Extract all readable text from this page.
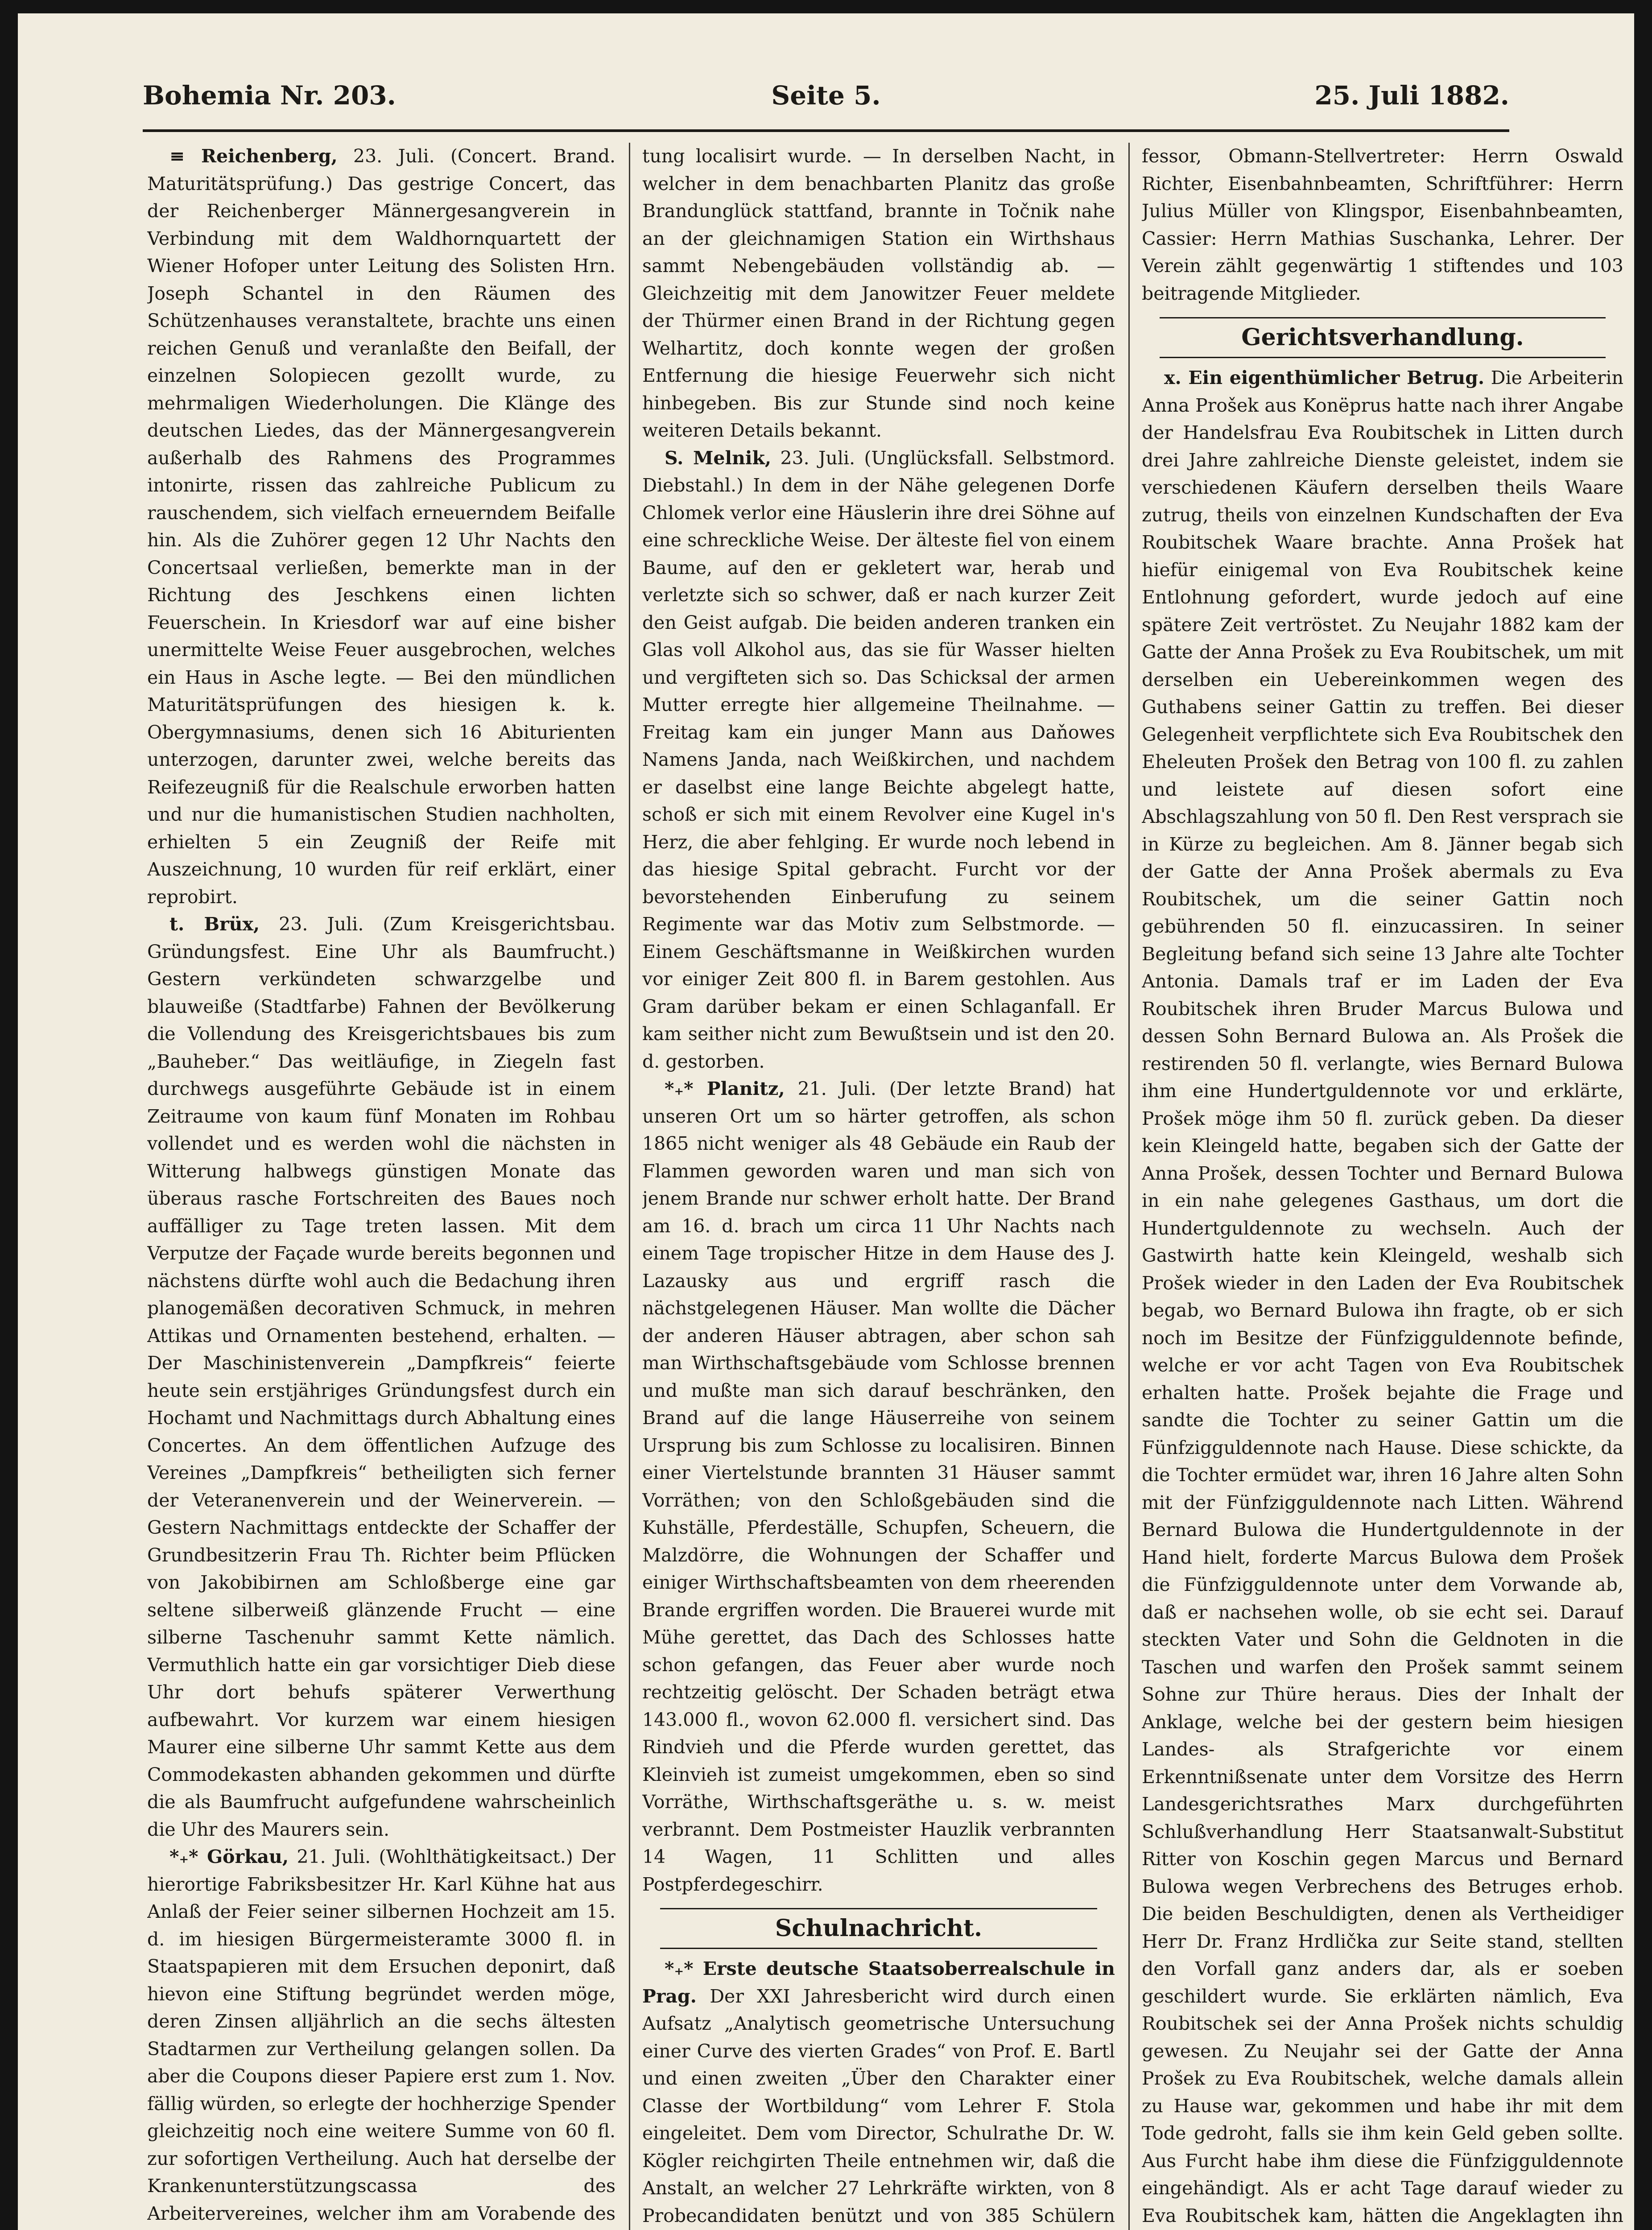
Bohemia Nr. 203.	Seite 5.	25. Juli 1882.

≡ Reichenberg, 23. Juli. (Concert. Brand. Maturitätsprüfung.) Das gestrige Concert, das der Reichenberger Männergesangverein in Verbindung mit dem Waldhornquartett der Wiener Hofoper unter Leitung des Solisten Hrn. Joseph Schantel in den Räumen des Schützenhauses veranstaltete, brachte uns einen reichen Genuß und veranlaßte den Beifall, der einzelnen Solopiecen gezollt wurde, zu mehrmaligen Wiederholungen. Die Klänge des deutschen Liedes, das der Männergesangverein außerhalb des Rahmens des Programmes intonirte, rissen das zahlreiche Publicum zu rauschendem, sich vielfach erneuerndem Beifalle hin. Als die Zuhörer gegen 12 Uhr Nachts den Concertsaal verließen, bemerkte man in der Richtung des Jeschkens einen lichten Feuerschein. In Kriesdorf war auf eine bisher unermittelte Weise Feuer ausgebrochen, welches ein Haus in Asche legte. — Bei den mündlichen Maturitätsprüfungen des hiesigen k. k. Obergymnasiums, denen sich 16 Abiturienten unterzogen, darunter zwei, welche bereits das Reifezeugniß für die Realschule erworben hatten und nur die humanistischen Studien nachholten, erhielten 5 ein Zeugniß der Reife mit Auszeichnung, 10 wurden für reif erklärt, einer reprobirt.

t. Brüx, 23. Juli. (Zum Kreisgerichtsbau. Gründungsfest. Eine Uhr als Baumfrucht.) Gestern verkündeten schwarzgelbe und blauweiße (Stadtfarbe) Fahnen der Bevölkerung die Vollendung des Kreisgerichtsbaues bis zum „Bauheber.“ Das weitläufige, in Ziegeln fast durchwegs ausgeführte Gebäude ist in einem Zeitraume von kaum fünf Monaten im Rohbau vollendet und es werden wohl die nächsten in Witterung halbwegs günstigen Monate das überaus rasche Fortschreiten des Baues noch auffälliger zu Tage treten lassen. Mit dem Verputze der Façade wurde bereits begonnen und nächstens dürfte wohl auch die Bedachung ihren planogemäßen decorativen Schmuck, in mehren Attikas und Ornamenten bestehend, erhalten. — Der Maschinistenverein „Dampfkreis“ feierte heute sein erstjähriges Gründungsfest durch ein Hochamt und Nachmittags durch Abhaltung eines Concertes. An dem öffentlichen Aufzuge des Vereines „Dampfkreis“ betheiligten sich ferner der Veteranenverein und der Weinerverein. — Gestern Nachmittags entdeckte der Schaffer der Grundbesitzerin Frau Th. Richter beim Pflücken von Jakobibirnen am Schloßberge eine gar seltene silberweiß glänzende Frucht — eine silberne Taschenuhr sammt Kette nämlich. Vermuthlich hatte ein gar vorsichtiger Dieb diese Uhr dort behufs späterer Verwerthung aufbewahrt. Vor kurzem war einem hiesigen Maurer eine silberne Uhr sammt Kette aus dem Commodekasten abhanden gekommen und dürfte die als Baumfrucht aufgefundene wahrscheinlich die Uhr des Maurers sein.

*₊* Görkau, 21. Juli. (Wohlthätigkeitsact.) Der hierortige Fabriksbesitzer Hr. Karl Kühne hat aus Anlaß der Feier seiner silbernen Hochzeit am 15. d. im hiesigen Bürgermeisteramte 3000 fl. in Staatspapieren mit dem Ersuchen deponirt, daß hievon eine Stiftung begründet werden möge, deren Zinsen alljährlich an die sechs ältesten Stadtarmen zur Vertheilung gelangen sollen. Da aber die Coupons dieser Papiere erst zum 1. Nov. fällig würden, so erlegte der hochherzige Spender gleichzeitig noch eine weitere Summe von 60 fl. zur sofortigen Vertheilung. Auch hat derselbe der Krankenunterstützungscassa des Arbeitervereines, welcher ihm am Vorabende des

tung localisirt wurde. — In derselben Nacht, in welcher in dem benachbarten Planitz das große Brandunglück stattfand, brannte in Točnik nahe an der gleichnamigen Station ein Wirthshaus sammt Nebengebäuden vollständig ab. — Gleichzeitig mit dem Janowitzer Feuer meldete der Thürmer einen Brand in der Richtung gegen Welhartitz, doch konnte wegen der großen Entfernung die hiesige Feuerwehr sich nicht hinbegeben. Bis zur Stunde sind noch keine weiteren Details bekannt.

S. Melnik, 23. Juli. (Unglücksfall. Selbstmord. Diebstahl.) In dem in der Nähe gelegenen Dorfe Chlomek verlor eine Häuslerin ihre drei Söhne auf eine schreckliche Weise. Der älteste fiel von einem Baume, auf den er gekletert war, herab und verletzte sich so schwer, daß er nach kurzer Zeit den Geist aufgab. Die beiden anderen tranken ein Glas voll Alkohol aus, das sie für Wasser hielten und vergifteten sich so. Das Schicksal der armen Mutter erregte hier allgemeine Theilnahme. — Freitag kam ein junger Mann aus Daňowes Namens Janda, nach Weißkirchen, und nachdem er daselbst eine lange Beichte abgelegt hatte, schoß er sich mit einem Revolver eine Kugel in's Herz, die aber fehlging. Er wurde noch lebend in das hiesige Spital gebracht. Furcht vor der bevorstehenden Einberufung zu seinem Regimente war das Motiv zum Selbstmorde. — Einem Geschäftsmanne in Weißkirchen wurden vor einiger Zeit 800 fl. in Barem gestohlen. Aus Gram darüber bekam er einen Schlaganfall. Er kam seither nicht zum Bewußtsein und ist den 20. d. gestorben.

*₊* Planitz, 21. Juli. (Der letzte Brand) hat unseren Ort um so härter getroffen, als schon 1865 nicht weniger als 48 Gebäude ein Raub der Flammen geworden waren und man sich von jenem Brande nur schwer erholt hatte. Der Brand am 16. d. brach um circa 11 Uhr Nachts nach einem Tage tropischer Hitze in dem Hause des J. Lazausky aus und ergriff rasch die nächstgelegenen Häuser. Man wollte die Dächer der anderen Häuser abtragen, aber schon sah man Wirthschaftsgebäude vom Schlosse brennen und mußte man sich darauf beschränken, den Brand auf die lange Häuserreihe von seinem Ursprung bis zum Schlosse zu localisiren. Binnen einer Viertelstunde brannten 31 Häuser sammt Vorräthen; von den Schloßgebäuden sind die Kuhställe, Pferdeställe, Schupfen, Scheuern, die Malzdörre, die Wohnungen der Schaffer und einiger Wirthschaftsbeamten von dem rheerenden Brande ergriffen worden. Die Brauerei wurde mit Mühe gerettet, das Dach des Schlosses hatte schon gefangen, das Feuer aber wurde noch rechtzeitig gelöscht. Der Schaden beträgt etwa 143.000 fl., wovon 62.000 fl. versichert sind. Das Rindvieh und die Pferde wurden gerettet, das Kleinvieh ist zumeist umgekommen, eben so sind Vorräthe, Wirthschaftsgeräthe u. s. w. meist verbrannt. Dem Postmeister Hauzlik verbrannten 14 Wagen, 11 Schlitten und alles Postpferdegeschirr.

Schulnachricht.

*₊* Erste deutsche Staatsoberrealschule in Prag. Der XXI Jahresbericht wird durch einen Aufsatz „Analytisch geometrische Untersuchung einer Curve des vierten Grades“ von Prof. E. Bartl und einen zweiten „Über den Charakter einer Classe der Wortbildung“ vom Lehrer F. Stola eingeleitet. Dem vom Director, Schulrathe Dr. W. Kögler reichgirten Theile entnehmen wir, daß die Anstalt, an welcher 27 Lehrkräfte wirkten, von 8 Probecandidaten benützt und von 385 Schülern

fessor, Obmann-Stellvertreter: Herrn Oswald Richter, Eisenbahnbeamten, Schriftführer: Herrn Julius Müller von Klingspor, Eisenbahnbeamten, Cassier: Herrn Mathias Suschanka, Lehrer. Der Verein zählt gegenwärtig 1 stiftendes und 103 beitragende Mitglieder.

Gerichtsverhandlung.

x. Ein eigenthümlicher Betrug. Die Arbeiterin Anna Prošek aus Konëprus hatte nach ihrer Angabe der Handelsfrau Eva Roubitschek in Litten durch drei Jahre zahlreiche Dienste geleistet, indem sie verschiedenen Käufern derselben theils Waare zutrug, theils von einzelnen Kundschaften der Eva Roubitschek Waare brachte. Anna Prošek hat hiefür einigemal von Eva Roubitschek keine Entlohnung gefordert, wurde jedoch auf eine spätere Zeit vertröstet. Zu Neujahr 1882 kam der Gatte der Anna Prošek zu Eva Roubitschek, um mit derselben ein Uebereinkommen wegen des Guthabens seiner Gattin zu treffen. Bei dieser Gelegenheit verpflichtete sich Eva Roubitschek den Eheleuten Prošek den Betrag von 100 fl. zu zahlen und leistete auf diesen sofort eine Abschlagszahlung von 50 fl. Den Rest versprach sie in Kürze zu begleichen. Am 8. Jänner begab sich der Gatte der Anna Prošek abermals zu Eva Roubitschek, um die seiner Gattin noch gebührenden 50 fl. einzucassiren. In seiner Begleitung befand sich seine 13 Jahre alte Tochter Antonia. Damals traf er im Laden der Eva Roubitschek ihren Bruder Marcus Bulowa und dessen Sohn Bernard Bulowa an. Als Prošek die restirenden 50 fl. verlangte, wies Bernard Bulowa ihm eine Hundertguldennote vor und erklärte, Prošek möge ihm 50 fl. zurück geben. Da dieser kein Kleingeld hatte, begaben sich der Gatte der Anna Prošek, dessen Tochter und Bernard Bulowa in ein nahe gelegenes Gasthaus, um dort die Hundertguldennote zu wechseln. Auch der Gastwirth hatte kein Kleingeld, weshalb sich Prošek wieder in den Laden der Eva Roubitschek begab, wo Bernard Bulowa ihn fragte, ob er sich noch im Besitze der Fünfzigguldennote befinde, welche er vor acht Tagen von Eva Roubitschek erhalten hatte. Prošek bejahte die Frage und sandte die Tochter zu seiner Gattin um die Fünfzigguldennote nach Hause. Diese schickte, da die Tochter ermüdet war, ihren 16 Jahre alten Sohn mit der Fünfzigguldennote nach Litten. Während Bernard Bulowa die Hundertguldennote in der Hand hielt, forderte Marcus Bulowa dem Prošek die Fünfzigguldennote unter dem Vorwande ab, daß er nachsehen wolle, ob sie echt sei. Darauf steckten Vater und Sohn die Geldnoten in die Taschen und warfen den Prošek sammt seinem Sohne zur Thüre heraus. Dies der Inhalt der Anklage, welche bei der gestern beim hiesigen Landes- als Strafgerichte vor einem Erkenntnißsenate unter dem Vorsitze des Herrn Landesgerichtsrathes Marx durchgeführten Schlußverhandlung Herr Staatsanwalt-Substitut Ritter von Koschin gegen Marcus und Bernard Bulowa wegen Verbrechens des Betruges erhob. Die beiden Beschuldigten, denen als Vertheidiger Herr Dr. Franz Hrdlička zur Seite stand, stellten den Vorfall ganz anders dar, als er soeben geschildert wurde. Sie erklärten nämlich, Eva Roubitschek sei der Anna Prošek nichts schuldig gewesen. Zu Neujahr sei der Gatte der Anna Prošek zu Eva Roubitschek, welche damals allein zu Hause war, gekommen und habe ihr mit dem Tode gedroht, falls sie ihm kein Geld geben sollte. Aus Furcht habe ihm diese die Fünfzigguldennote eingehändigt. Als er acht Tage darauf wieder zu Eva Roubitschek kam, hätten die Angeklagten ihn
